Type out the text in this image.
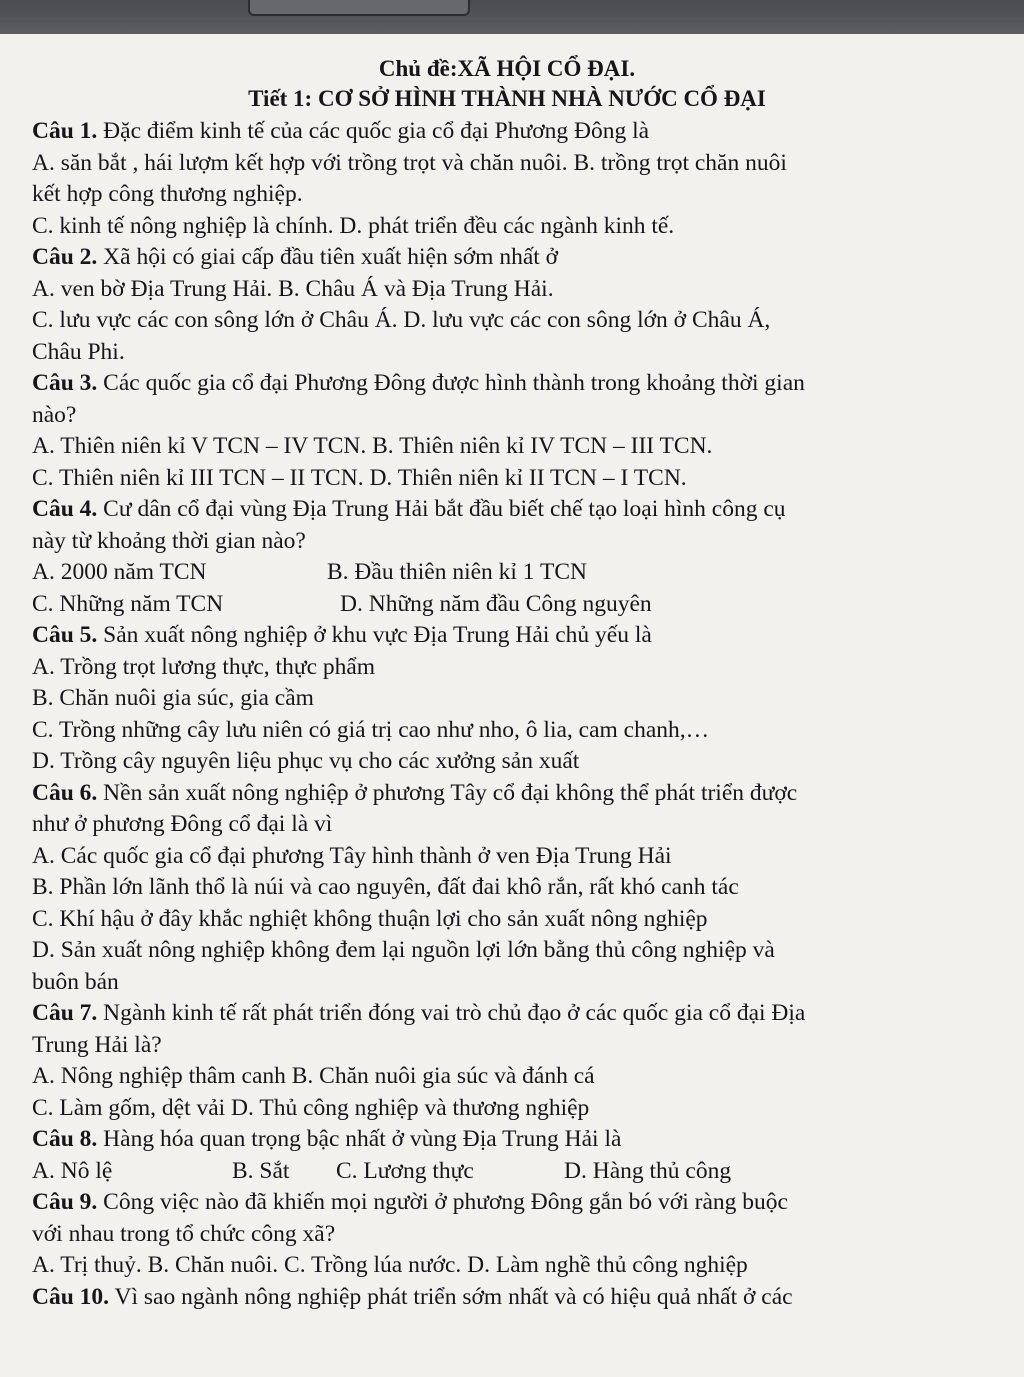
Chủ đề:XÃ HỘI CỔ ĐẠI.
Tiết 1: CƠ SỞ HÌNH THÀNH NHÀ NƯỚC CỔ ĐẠI

Câu 1. Đặc điểm kinh tế của các quốc gia cổ đại Phương Đông là

A. săn bắt , hái lượm kết hợp với trồng trọt và chăn nuôi. B. trồng trọt chăn nuôi

kết hợp công thương nghiệp.

C. kinh tế nông nghiệp là chính. D. phát triển đều các ngành kinh tế.

Câu 2. Xã hội có giai cấp đầu tiên xuất hiện sớm nhất ở

A. ven bờ Địa Trung Hải. B. Châu Á và Địa Trung Hải.

C. lưu vực các con sông lớn ở Châu Á. D. lưu vực các con sông lớn ở Châu Á,

Châu Phi.

Câu 3. Các quốc gia cổ đại Phương Đông được hình thành trong khoảng thời gian

nào?

A. Thiên niên kỉ V TCN – IV TCN. B. Thiên niên kỉ IV TCN – III TCN.

C. Thiên niên kỉ III TCN – II TCN. D. Thiên niên kỉ II TCN – I TCN.

Câu 4. Cư dân cổ đại vùng Địa Trung Hải bắt đầu biết chế tạo loại hình công cụ

này từ khoảng thời gian nào?

A. 2000 năm TCN	B. Đầu thiên niên kỉ 1 TCN
C. Những năm TCN	D. Những năm đầu Công nguyên

Câu 5. Sản xuất nông nghiệp ở khu vực Địa Trung Hải chủ yếu là

A. Trồng trọt lương thực, thực phẩm

B. Chăn nuôi gia súc, gia cầm

C. Trồng những cây lưu niên có giá trị cao như nho, ô lia, cam chanh,…

D. Trồng cây nguyên liệu phục vụ cho các xưởng sản xuất

Câu 6. Nền sản xuất nông nghiệp ở phương Tây cổ đại không thể phát triển được

như ở phương Đông cổ đại là vì

A. Các quốc gia cổ đại phương Tây hình thành ở ven Địa Trung Hải

B. Phần lớn lãnh thổ là núi và cao nguyên, đất đai khô rắn, rất khó canh tác

C. Khí hậu ở đây khắc nghiệt không thuận lợi cho sản xuất nông nghiệp

D. Sản xuất nông nghiệp không đem lại nguồn lợi lớn bằng thủ công nghiệp và

buôn bán

Câu 7. Ngành kinh tế rất phát triển đóng vai trò chủ đạo ở các quốc gia cổ đại Địa

Trung Hải là?

A. Nông nghiệp thâm canh B. Chăn nuôi gia súc và đánh cá

C. Làm gốm, dệt vải D. Thủ công nghiệp và thương nghiệp

Câu 8. Hàng hóa quan trọng bậc nhất ở vùng Địa Trung Hải là

A. Nô lệ	B. Sắt	C. Lương thực	D. Hàng thủ công

Câu 9. Công việc nào đã khiến mọi người ở phương Đông gắn bó với ràng buộc

với nhau trong tổ chức công xã?

A. Trị thuỷ. B. Chăn nuôi. C. Trồng lúa nước. D. Làm nghề thủ công nghiệp

Câu 10. Vì sao ngành nông nghiệp phát triển sớm nhất và có hiệu quả nhất ở các
